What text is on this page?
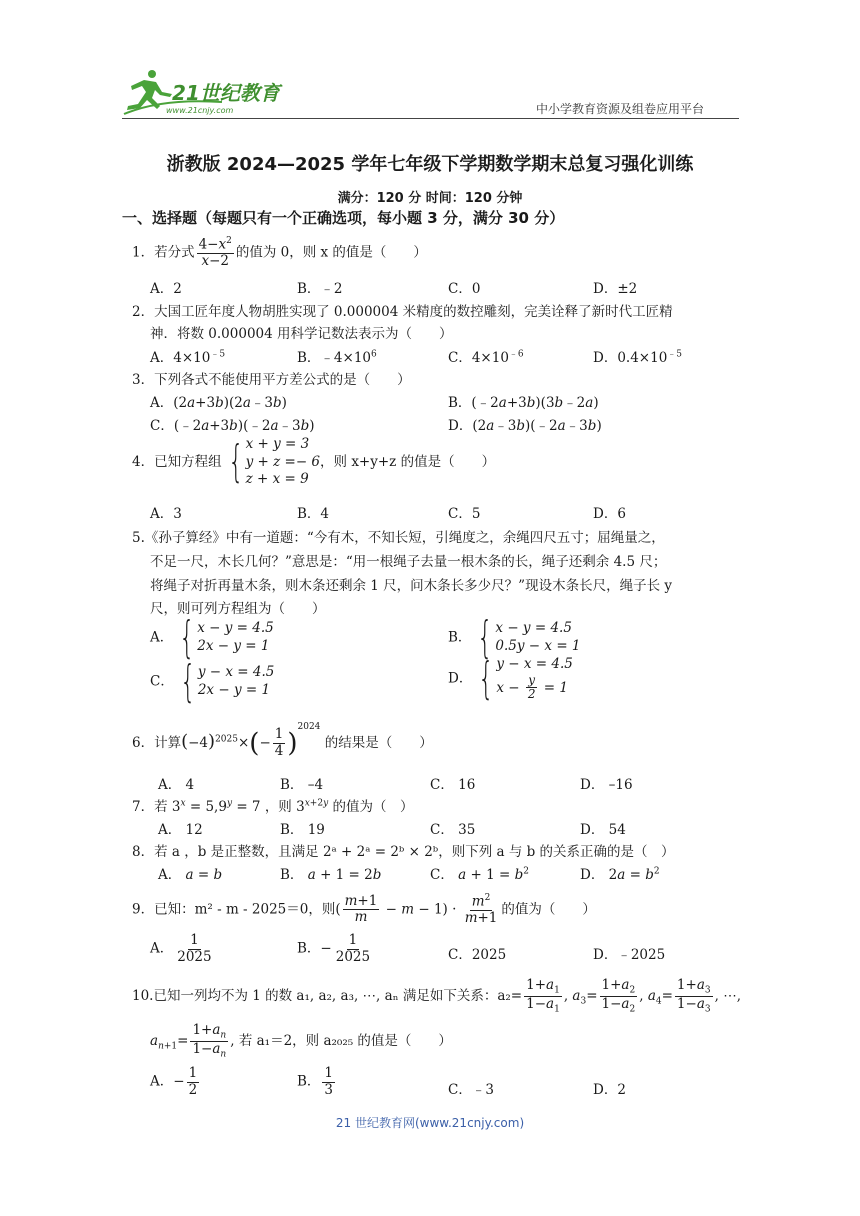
21世纪教育
www.21cnjy.com	中小学教育资源及组卷应用平台
浙教版 2024—2025 学年七年级下学期数学期末总复习强化训练
满分：120 分 时间：120 分钟
一、选择题（每题只有一个正确选项，每小题 3 分，满分 30 分）
1．若分式 $\frac{4-x^2}{x-2}$ 的值为 0，则 x 的值是（　　）
A．2	B．﹣2	C．0	D．±2
2．大国工匠年度人物胡胜实现了 0.000004 米精度的数控雕刻，完美诠释了新时代工匠精
神．将数 0.000004 用科学记数法表示为（　　）
A．$4\times 10^{﹣5}$	B．$﹣4\times 10^6$	C．$4\times 10^{﹣6}$	D．$0.4\times 10^{﹣5}$
3．下列各式不能使用平方差公式的是（　　）
A．(2a+3b)(2a﹣3b)	B．(﹣2a+3b)(3b﹣2a)
C．(﹣2a+3b)(﹣2a﹣3b)	D．(2a﹣3b)(﹣2a﹣3b)
4．已知方程组 { x + y = 3
y + z =− 6
z + x = 9
，则 x+y+z 的值是（　　）
A．3	B．4	C．5	D．6
5.《孙子算经》中有一道题：“今有木，不知长短，引绳度之，余绳四尺五寸；屈绳量之，
不足一尺，木长几何？”意思是：“用一根绳子去量一根木条的长，绳子还剩余 4.5 尺；
将绳子对折再量木条，则木条还剩余 1 尺，问木条长多少尺？”现设木条长尺，绳子长 y
尺，则可列方程组为（　　）
A． { x − y = 4.5
2x − y = 1
B． { x − y = 4.5
0.5y − x = 1
C． { y − x = 4.5
2x − y = 1
D． { y − x = 4.5
$x - \frac{y}{2} = 1$
6．计算$(-4)^{2025}\times(- \frac{1}{4} )^{2024}$ 的结果是（　　）
A． 4	B． –4	C． 16	D． –16
7．若 $3^x = 5,9^y = 7$ ，则 $3^{x+2y}$ 的值为（　）
A． 12	B． 19	C． 35	D． 54
8．若 a ，b 是正整数，且满足 2ᵃ + 2ᵃ = 2ᵇ × 2ᵇ，则下列 a 与 b 的关系正确的是（　）
A． a = b	B． a + 1 = 2b	C． $a + 1 = b^2$	D． $2a = b^2$
9．已知：m² - m - 2025＝0，则( $\frac{m+1}{m} - m - 1) \cdot \frac{m^2}{m+1}$ 的值为（　　）
A． $\frac{1}{2025}$	B．− $\frac{1}{2025}$	C．2025	D．﹣2025
10.已知一列均不为 1 的数 a₁, a₂, a₃, ⋯, aₙ 满足如下关系：$a_2= \frac{1+a_1}{1-a_1}$ , $a_3= \frac{1+a_2}{1-a_2}$ , $a_4= \frac{1+a_3}{1-a_3}$ , ⋯,
$a_{n+1}= \frac{1+a_n}{1-a_n}$ , 若 a₁＝2，则 a₂₀₂₅ 的值是（　　）
A．− $\frac{1}{2}$	B． $\frac{1}{3}$	C．﹣3	D．2
21 世纪教育网(www.21cnjy.com)
